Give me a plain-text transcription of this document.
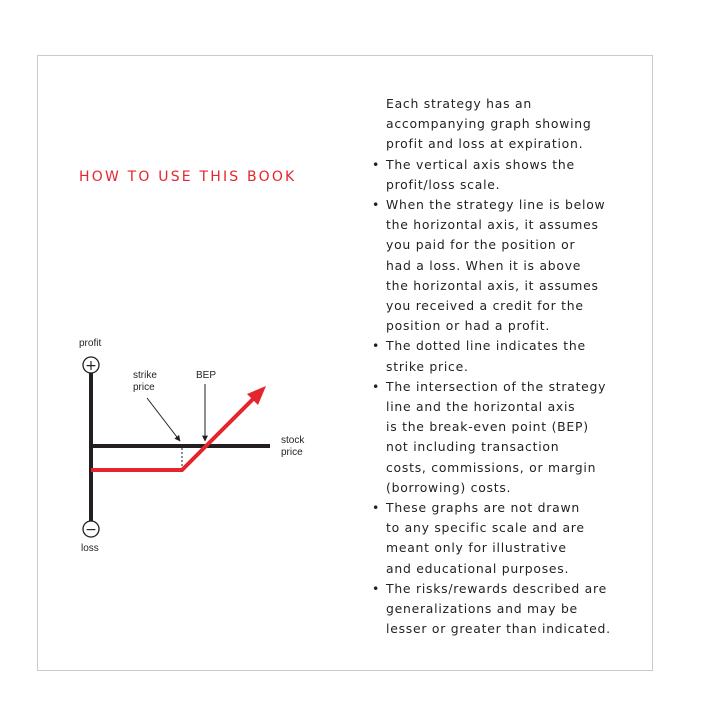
HOW TO USE THIS BOOK
+
−
profit
loss
strike
price
BEP
stock
price
Each strategy has an
accompanying graph showing
profit and loss at expiration.
• The vertical axis shows the
profit/loss scale.
• When the strategy line is below
the horizontal axis, it assumes
you paid for the position or
had a loss. When it is above
the horizontal axis, it assumes
you received a credit for the
position or had a profit.
• The dotted line indicates the
strike price.
• The intersection of the strategy
line and the horizontal axis
is the break-even point (BEP)
not including transaction
costs, commissions, or margin
(borrowing) costs.
• These graphs are not drawn
to any specific scale and are
meant only for illustrative
and educational purposes.
• The risks/rewards described are
generalizations and may be
lesser or greater than indicated.
